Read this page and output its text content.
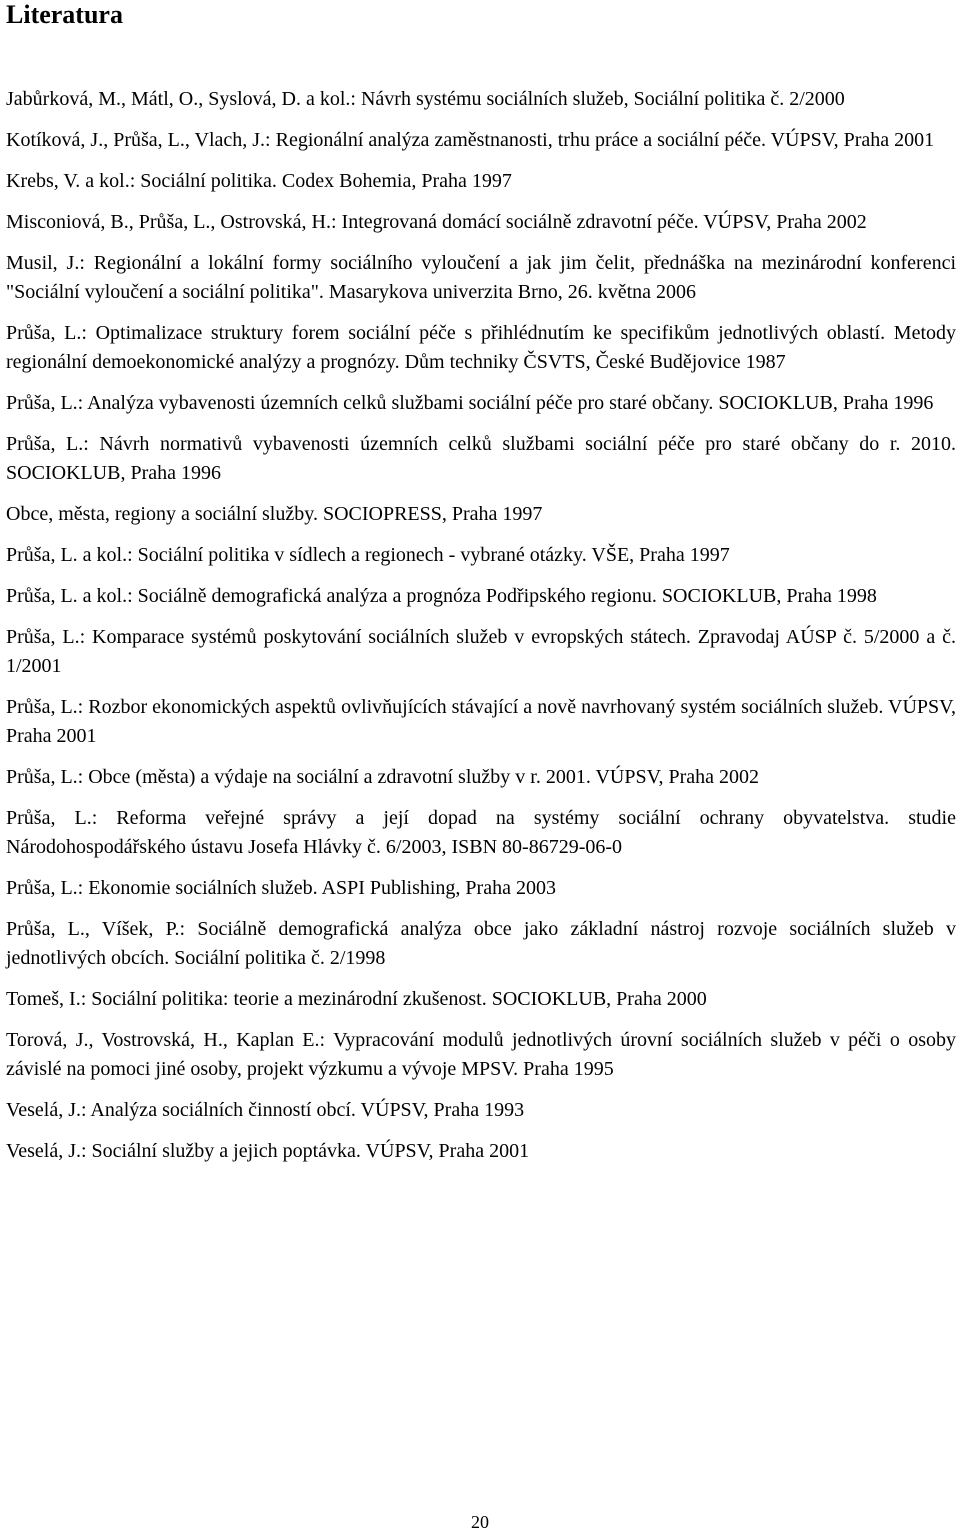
Literatura
Jabůrková, M., Mátl, O., Syslová, D. a kol.: Návrh systému sociálních služeb, Sociální politika č. 2/2000
Kotíková, J., Průša, L., Vlach, J.: Regionální analýza zaměstnanosti, trhu práce a sociální péče. VÚPSV, Praha 2001
Krebs, V. a kol.: Sociální politika. Codex Bohemia, Praha 1997
Misconiová, B., Průša, L., Ostrovská, H.: Integrovaná domácí sociálně zdravotní péče. VÚPSV, Praha 2002
Musil, J.: Regionální a lokální formy sociálního vyloučení a jak jim čelit, přednáška na mezinárodní konferenci "Sociální vyloučení a sociální politika". Masarykova univerzita Brno, 26. května 2006
Průša, L.: Optimalizace struktury forem sociální péče s přihlédnutím ke specifikům jednotlivých oblastí. Metody regionální demoekonomické analýzy a prognózy. Dům techniky ČSVTS, České Budějovice 1987
Průša, L.: Analýza vybavenosti územních celků službami sociální péče pro staré občany. SOCIOKLUB, Praha 1996
Průša, L.: Návrh normativů vybavenosti územních celků službami sociální péče pro staré občany do r. 2010. SOCIOKLUB, Praha 1996
Obce, města, regiony a sociální služby. SOCIOPRESS, Praha 1997
Průša, L. a kol.: Sociální politika v sídlech a regionech - vybrané otázky. VŠE, Praha 1997
Průša, L. a kol.: Sociálně demografická analýza a prognóza Podřipského regionu. SOCIOKLUB, Praha 1998
Průša, L.: Komparace systémů poskytování sociálních služeb v evropských státech. Zpravodaj AÚSP č. 5/2000 a č. 1/2001
Průša, L.: Rozbor ekonomických aspektů ovlivňujících stávající a nově navrhovaný systém sociálních služeb. VÚPSV, Praha 2001
Průša, L.: Obce (města) a výdaje na sociální a zdravotní služby v r. 2001. VÚPSV, Praha 2002
Průša, L.: Reforma veřejné správy a její dopad na systémy sociální ochrany obyvatelstva. studie Národohospodářského ústavu Josefa Hlávky č. 6/2003, ISBN 80-86729-06-0
Průša, L.: Ekonomie sociálních služeb. ASPI Publishing, Praha 2003
Průša, L., Víšek, P.: Sociálně demografická analýza obce jako základní nástroj rozvoje sociálních služeb v jednotlivých obcích. Sociální politika č. 2/1998
Tomeš, I.: Sociální politika: teorie a mezinárodní zkušenost. SOCIOKLUB, Praha 2000
Torová, J., Vostrovská, H., Kaplan E.: Vypracování modulů jednotlivých úrovní sociálních služeb v péči o osoby závislé na pomoci jiné osoby, projekt výzkumu a vývoje MPSV. Praha 1995
Veselá, J.: Analýza sociálních činností obcí. VÚPSV, Praha 1993
Veselá, J.: Sociální služby a jejich poptávka. VÚPSV, Praha 2001
20
